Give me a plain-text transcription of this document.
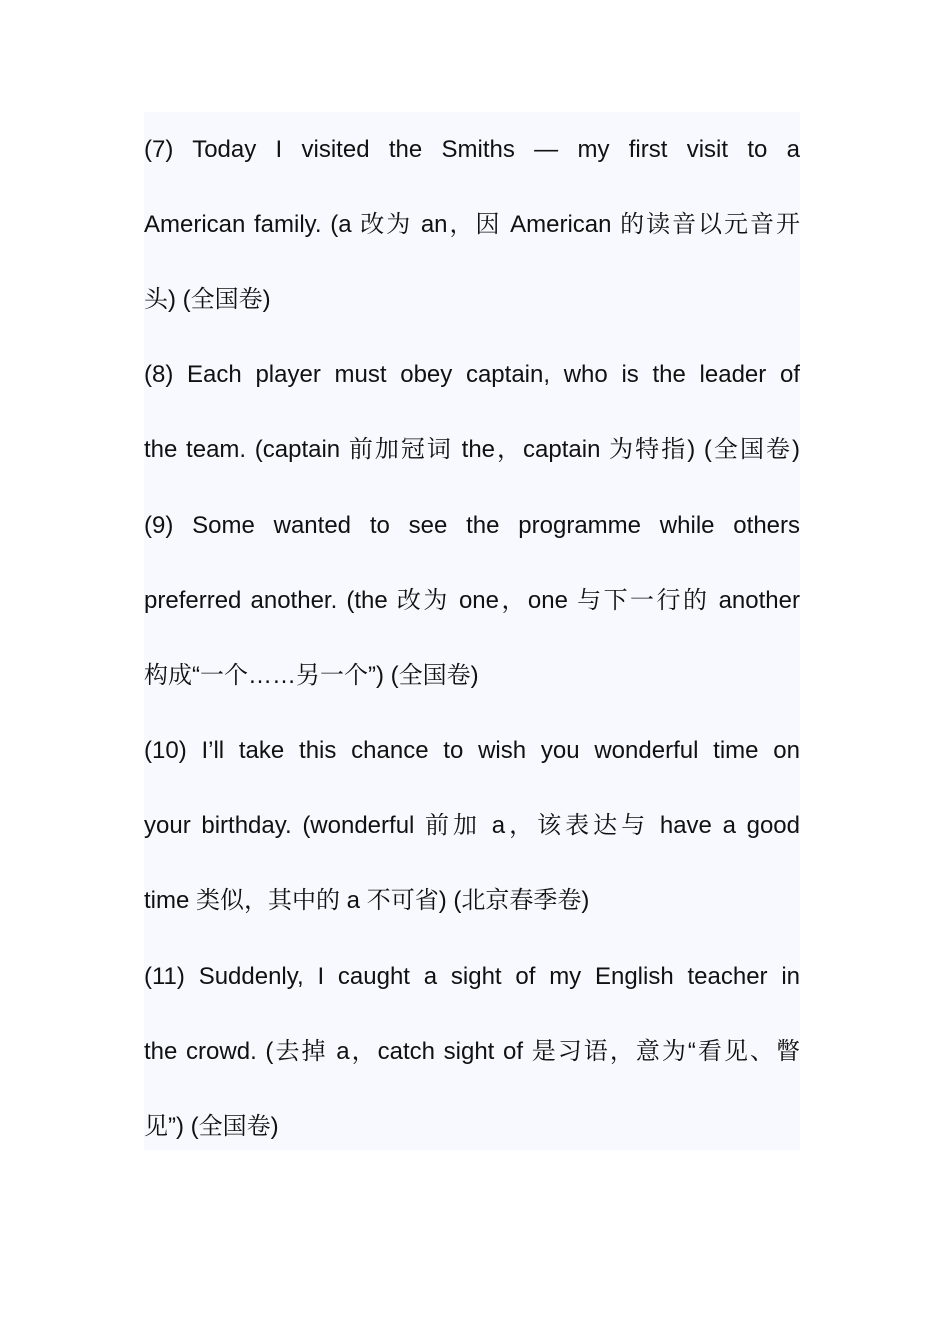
(7) Today I visited the Smiths — my first visit to a
American family. (a 改为 an，因 American 的读音以元音开
头) (全国卷)
(8) Each player must obey captain, who is the leader of
the team. (captain 前加冠词 the，captain 为特指) (全国卷)
(9) Some wanted to see the programme while others
preferred another. (the 改为 one，one 与下一行的 another
构成“一个……另一个”) (全国卷)
(10) I’ll take this chance to wish you wonderful time on
your birthday. (wonderful 前加 a，该表达与 have a good
time 类似，其中的 a 不可省) (北京春季卷)
(11) Suddenly, I caught a sight of my English teacher in
the crowd. (去掉 a，catch sight of 是习语，意为“看见、瞥
见”) (全国卷)
